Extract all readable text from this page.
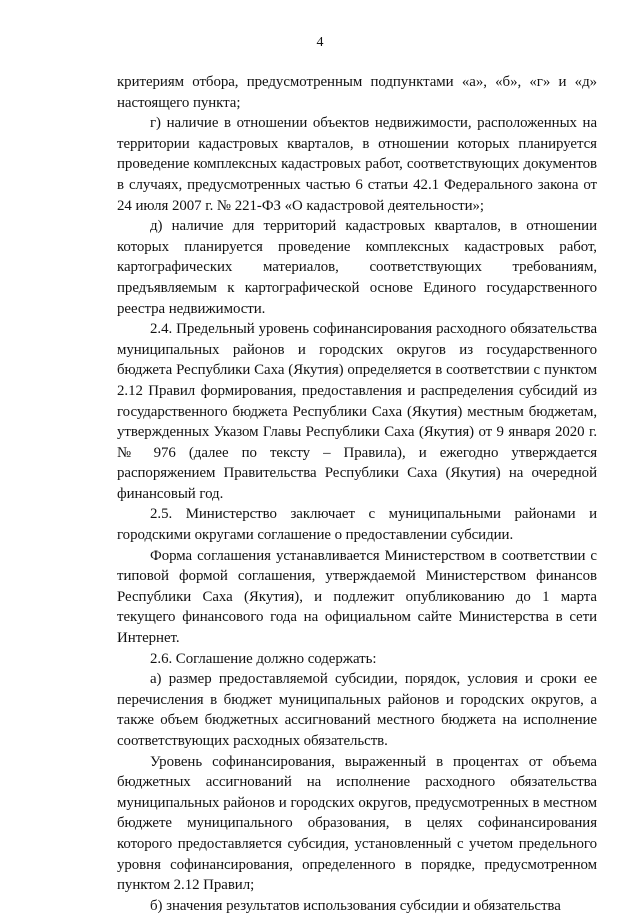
4

критериям отбора, предусмотренным подпунктами «а», «б», «г» и «д» настоящего пункта;

г) наличие в отношении объектов недвижимости, расположенных на территории кадастровых кварталов, в отношении которых планируется проведение комплексных кадастровых работ, соответствующих документов в случаях, предусмотренных частью 6 статьи 42.1 Федерального закона от 24 июля 2007 г. № 221-ФЗ «О кадастровой деятельности»;

д) наличие для территорий кадастровых кварталов, в отношении которых планируется проведение комплексных кадастровых работ, картографических материалов, соответствующих требованиям, предъявляемым к картографической основе Единого государственного реестра недвижимости.

2.4. Предельный уровень софинансирования расходного обязательства муниципальных районов и городских округов из государственного бюджета Республики Саха (Якутия) определяется в соответствии с пунктом 2.12 Правил формирования, предоставления и распределения субсидий из государственного бюджета Республики Саха (Якутия) местным бюджетам, утвержденных Указом Главы Республики Саха (Якутия) от 9 января 2020 г. № 976 (далее по тексту – Правила), и ежегодно утверждается распоряжением Правительства Республики Саха (Якутия) на очередной финансовый год.

2.5. Министерство заключает с муниципальными районами и городскими округами соглашение о предоставлении субсидии.

Форма соглашения устанавливается Министерством в соответствии с типовой формой соглашения, утверждаемой Министерством финансов Республики Саха (Якутия), и подлежит опубликованию до 1 марта текущего финансового года на официальном сайте Министерства в сети Интернет.

2.6. Соглашение должно содержать:

а) размер предоставляемой субсидии, порядок, условия и сроки ее перечисления в бюджет муниципальных районов и городских округов, а также объем бюджетных ассигнований местного бюджета на исполнение соответствующих расходных обязательств.

Уровень софинансирования, выраженный в процентах от объема бюджетных ассигнований на исполнение расходного обязательства муниципальных районов и городских округов, предусмотренных в местном бюджете муниципального образования, в целях софинансирования которого предоставляется субсидия, установленный с учетом предельного уровня софинансирования, определенного в порядке, предусмотренном пунктом 2.12 Правил;

б) значения результатов использования субсидии и обязательства
